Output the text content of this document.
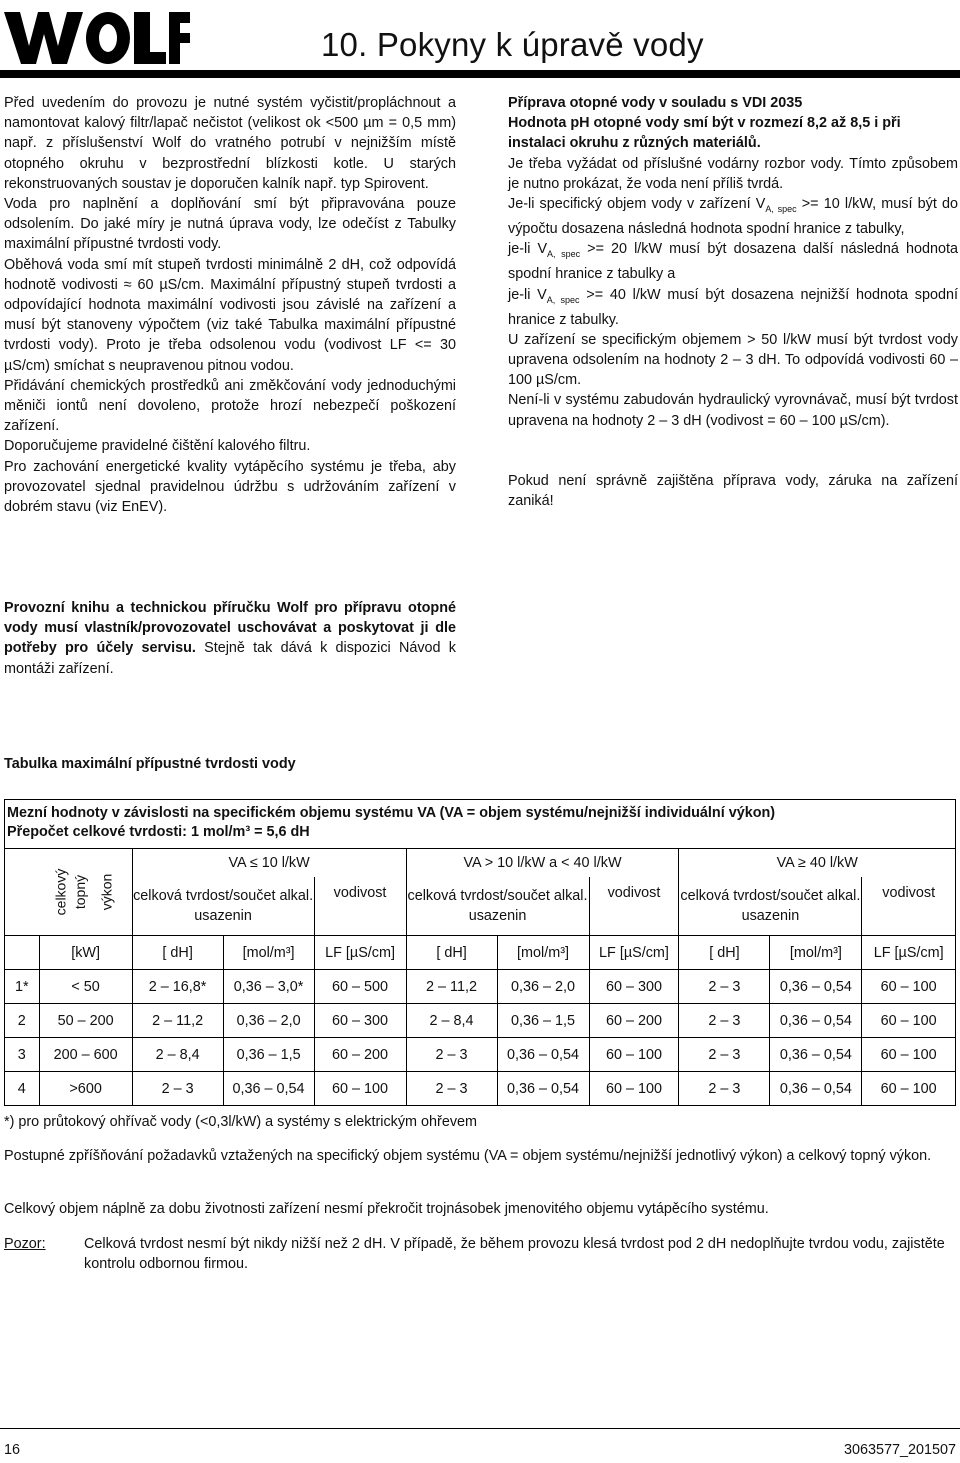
10. Pokyny k úpravě vody

Před uvedením do provozu je nutné systém vyčistit/propláchnout a namontovat kalový filtr/lapač nečistot (velikost ok <500 µm = 0,5 mm) např. z příslušenství Wolf do vratného potrubí v nejnižším místě otopného okruhu v bezprostřední blízkosti kotle. U starých rekonstruovaných soustav je doporučen kalník např. typ Spirovent.

Voda pro naplnění a doplňování smí být připravována pouze odsolením. Do jaké míry je nutná úprava vody, lze odečíst z Tabulky maximální přípustné tvrdosti vody.

Oběhová voda smí mít stupeň tvrdosti minimálně 2 dH, což odpovídá hodnotě vodivosti ≈ 60 µS/cm. Maximální přípustný stupeň tvrdosti a odpovídající hodnota maximální vodivosti jsou závislé na zařízení a musí být stanoveny výpočtem (viz také Tabulka maximální přípustné tvrdosti vody). Proto je třeba odsolenou vodu (vodivost LF <= 30 µS/cm) smíchat s neupravenou pitnou vodou.

Přidávání chemických prostředků ani změkčování vody jednoduchými měniči iontů není dovoleno, protože hrozí nebezpečí poškození zařízení.

Doporučujeme pravidelné čištění kalového filtru.

Pro zachování energetické kvality vytápěcího systému je třeba, aby provozovatel sjednal pravidelnou údržbu s udržováním zařízení v dobrém stavu (viz EnEV).

Příprava otopné vody v souladu s VDI 2035

Hodnota pH otopné vody smí být v rozmezí 8,2 až 8,5 i při instalaci okruhu z různých materiálů.

Je třeba vyžádat od příslušné vodárny rozbor vody. Tímto způsobem je nutno prokázat, že voda není příliš tvrdá.

Je-li specifický objem vody v zařízení $V_{A, spec} >= 10$ l/kW, musí být do výpočtu dosazena následná hodnota spodní hranice z tabulky,

je-li $V_{A, spec} >= 20$ l/kW musí být dosazena další následná hodnota spodní hranice z tabulky a

je-li $V_{A, spec} >= 40$ l/kW musí být dosazena nejnižší hodnota spodní hranice z tabulky.

U zařízení se specifickým objemem > 50 l/kW musí být tvrdost vody upravena odsolením na hodnoty 2 – 3 dH. To odpovídá vodivosti 60 – 100 µS/cm.

Není-li v systému zabudován hydraulický vyrovnávač, musí být tvrdost upravena na hodnoty 2 – 3 dH (vodivost = 60 – 100 µS/cm).

Pokud není správně zajištěna příprava vody, záruka na zařízení zaniká!

Provozní knihu a technickou příručku Wolf pro přípravu otopné vody musí vlastník/provozovatel uschovávat a poskytovat ji dle potřeby pro účely servisu. Stejně tak dává k dispozici Návod k montáži zařízení.

Tabulka maximální přípustné tvrdosti vody
Mezní hodnoty v závislosti na specifickém objemu systému VA (VA = objem systému/nejnižší individuální výkon)
Přepočet celkové tvrdosti: 1 mol/m³ = 5,6 dH
celkový topný výkon		VA ≤ 10 l/kW			VA > 10 l/kW a < 40 l/kW			VA ≥ 40 l/kW		
		celková tvrdost/součet alkal. usazenin		vodivost	celková tvrdost/součet alkal. usazenin		vodivost	celková tvrdost/součet alkal. usazenin		vodivost
	[kW]	[ dH]	[mol/m³]	LF [µS/cm]	[ dH]	[mol/m³]	LF [µS/cm]	[ dH]	[mol/m³]	LF [µS/cm]
1*	< 50	2 – 16,8*	0,36 – 3,0*	60 – 500	2 – 11,2	0,36 – 2,0	60 – 300	2 – 3	0,36 – 0,54	60 – 100
2	50 – 200	2 – 11,2	0,36 – 2,0	60 – 300	2 – 8,4	0,36 – 1,5	60 – 200	2 – 3	0,36 – 0,54	60 – 100
3	200 – 600	2 – 8,4	0,36 – 1,5	60 – 200	2 – 3	0,36 – 0,54	60 – 100	2 – 3	0,36 – 0,54	60 – 100
4	>600	2 – 3	0,36 – 0,54	60 – 100	2 – 3	0,36 – 0,54	60 – 100	2 – 3	0,36 – 0,54	60 – 100

*) pro průtokový ohřívač vody (<0,3l/kW) a systémy s elektrickým ohřevem

Postupné zpříšňování požadavků vztažených na specifický objem systému (VA = objem systému/nejnižší jednotlivý výkon) a celkový topný výkon.

Celkový objem náplně za dobu životnosti zařízení nesmí překročit trojnásobek jmenovitého objemu vytápěcího systému.

Pozor:	Celková tvrdost nesmí být nikdy nižší než 2 dH. V případě, že během provozu klesá tvrdost pod 2 dH nedoplňujte tvrdou vodu, zajistěte kontrolu odbornou firmou.
16	3063577_201507
